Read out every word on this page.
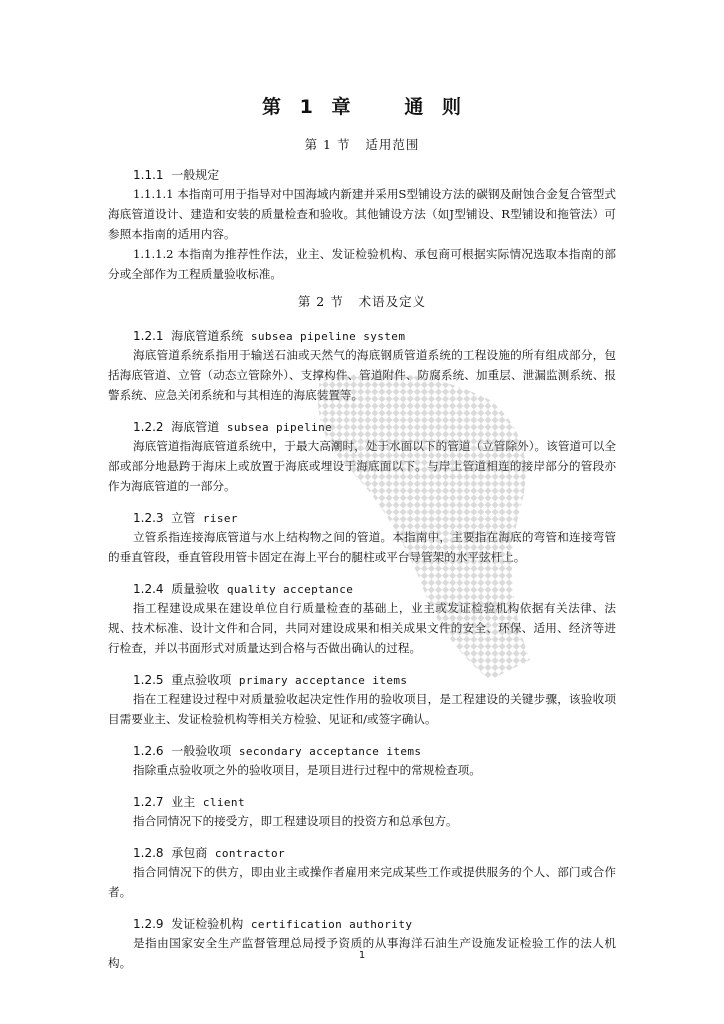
第 1 章   通 则
第 1 节   适用范围
1.1.1 一般规定

1.1.1.1 本指南可用于指导对中国海域内新建并采用S型铺设方法的碳钢及耐蚀合金复合管型式海底管道设计、建造和安装的质量检查和验收。其他铺设方法（如J型铺设、R型铺设和拖管法）可参照本指南的适用内容。

1.1.1.2 本指南为推荐性作法，业主、发证检验机构、承包商可根据实际情况选取本指南的部分或全部作为工程质量验收标准。

第 2 节   术语及定义
1.2.1 海底管道系统 subsea pipeline system

海底管道系统系指用于输送石油或天然气的海底钢质管道系统的工程设施的所有组成部分，包括海底管道、立管（动态立管除外）、支撑构件、管道附件、防腐系统、加重层、泄漏监测系统、报警系统、应急关闭系统和与其相连的海底装置等。

1.2.2 海底管道 subsea pipeline

海底管道指海底管道系统中，于最大高潮时，处于水面以下的管道（立管除外）。该管道可以全部或部分地悬跨于海床上或放置于海底或埋设于海底面以下。与岸上管道相连的接岸部分的管段亦作为海底管道的一部分。

1.2.3 立管 riser

立管系指连接海底管道与水上结构物之间的管道。本指南中，主要指在海底的弯管和连接弯管的垂直管段，垂直管段用管卡固定在海上平台的腿柱或平台导管架的水平弦杆上。

1.2.4 质量验收 quality acceptance

指工程建设成果在建设单位自行质量检查的基础上，业主或发证检验机构依据有关法律、法规、技术标准、设计文件和合同，共同对建设成果和相关成果文件的安全、环保、适用、经济等进行检查，并以书面形式对质量达到合格与否做出确认的过程。

1.2.5 重点验收项 primary acceptance items

指在工程建设过程中对质量验收起决定性作用的验收项目，是工程建设的关键步骤，该验收项目需要业主、发证检验机构等相关方检验、见证和/或签字确认。

1.2.6 一般验收项 secondary acceptance items

指除重点验收项之外的验收项目，是项目进行过程中的常规检查项。

1.2.7 业主 client

指合同情况下的接受方，即工程建设项目的投资方和总承包方。

1.2.8 承包商 contractor

指合同情况下的供方，即由业主或操作者雇用来完成某些工作或提供服务的个人、部门或合作者。

1.2.9 发证检验机构 certification authority

是指由国家安全生产监督管理总局授予资质的从事海洋石油生产设施发证检验工作的法人机构。

1
